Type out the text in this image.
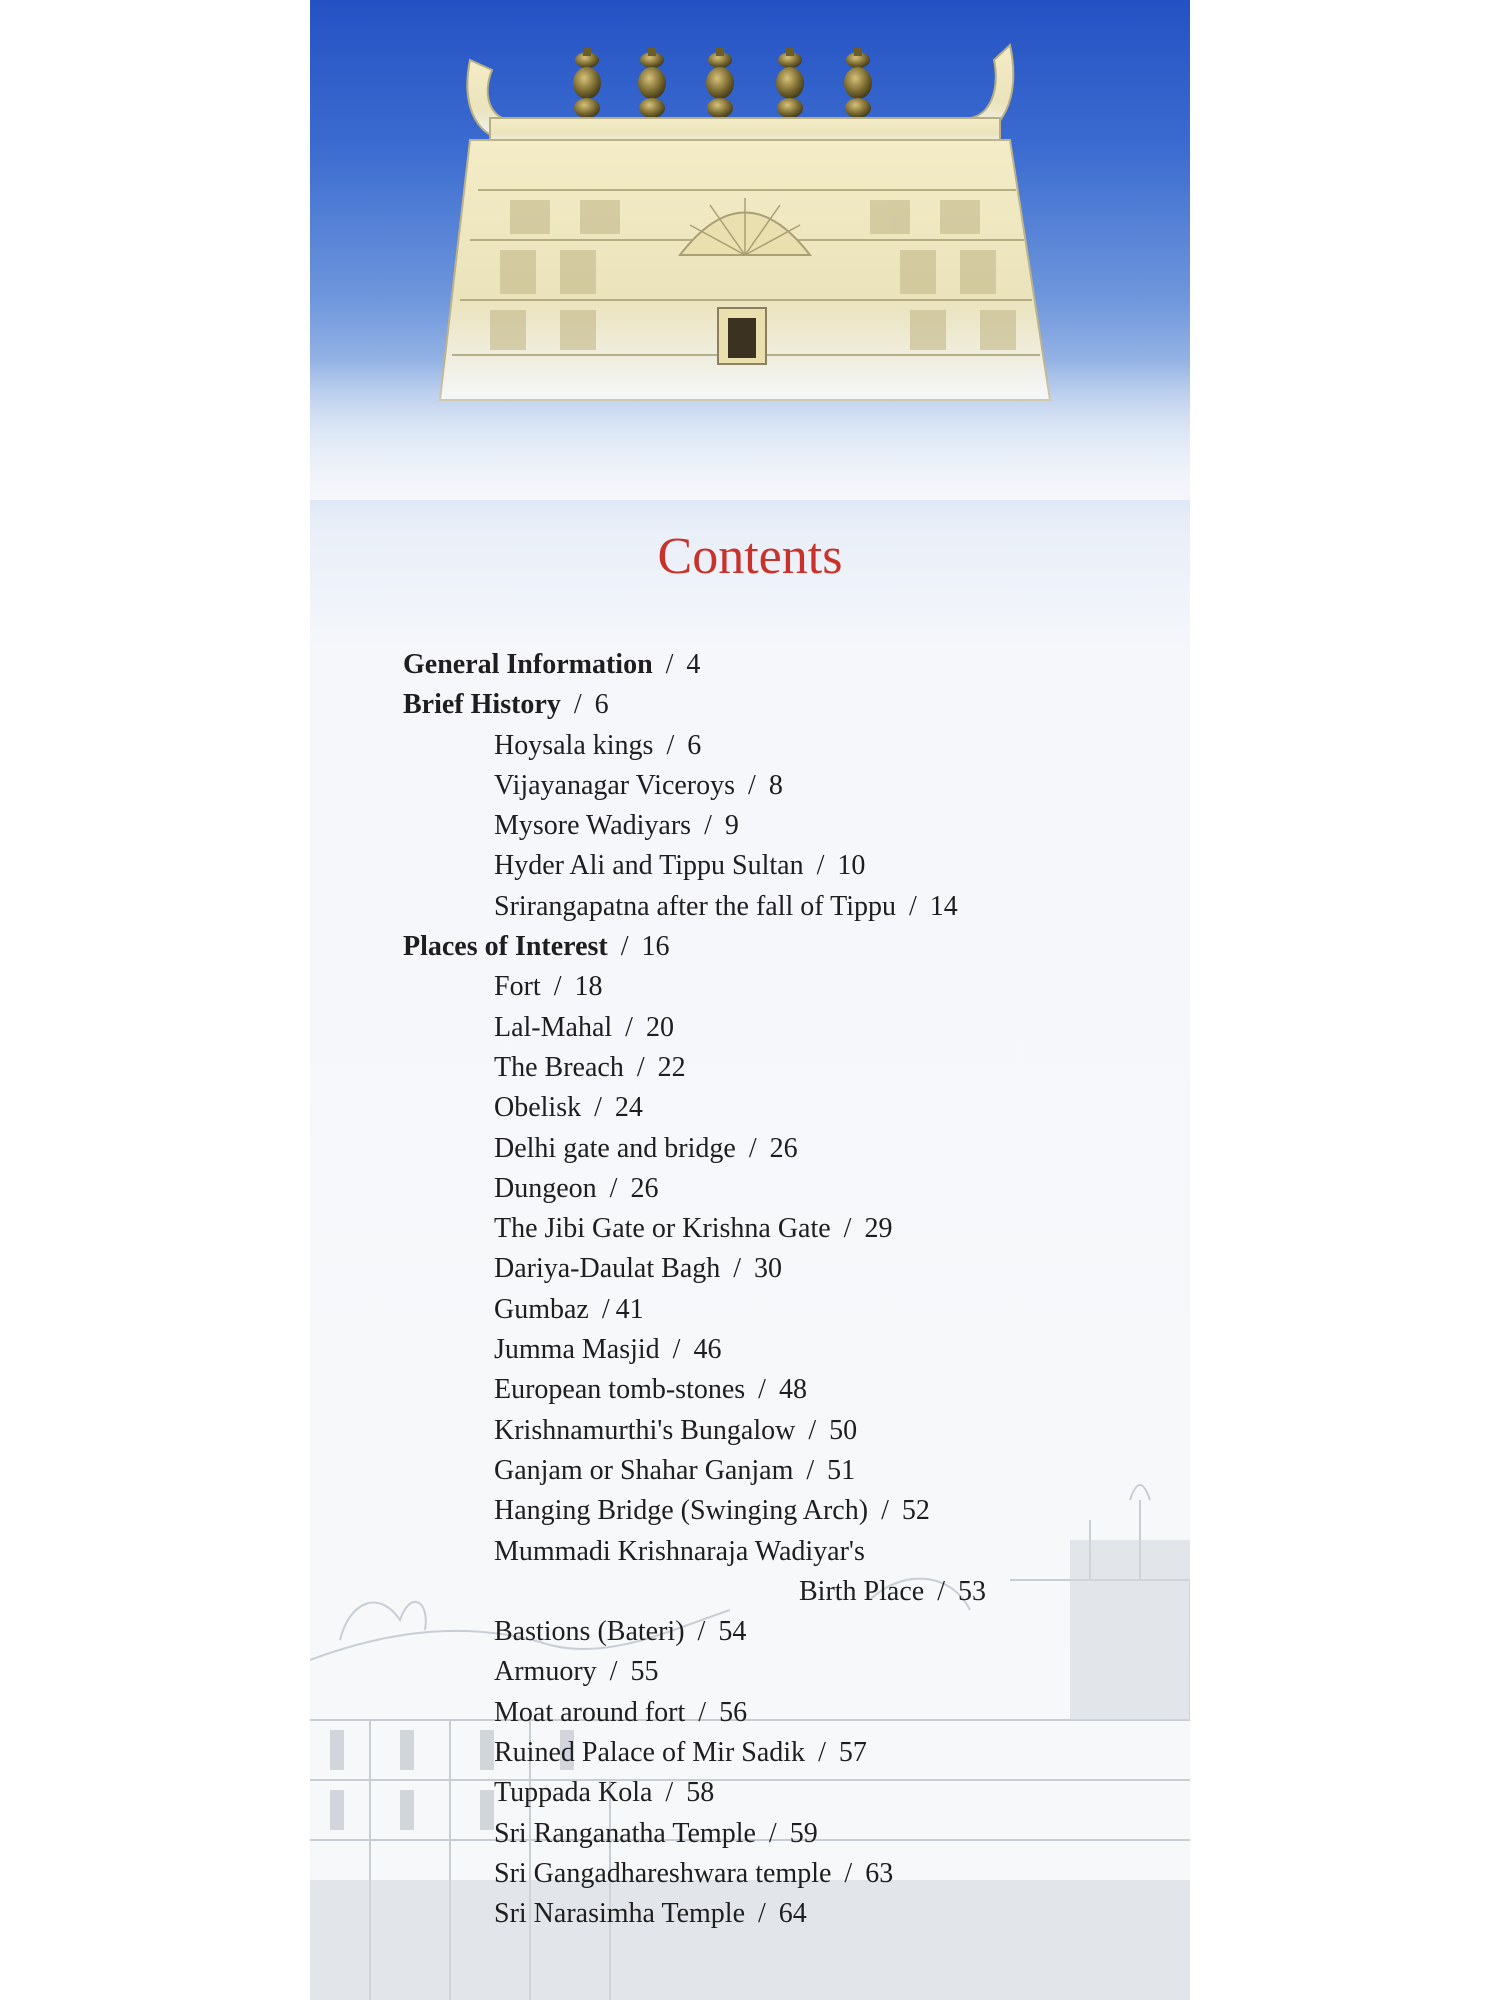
Contents
General Information / 4
Brief History / 6
Hoysala kings / 6
Vijayanagar Viceroys / 8
Mysore Wadiyars / 9
Hyder Ali and Tippu Sultan / 10
Srirangapatna after the fall of Tippu / 14
Places of Interest / 16
Fort / 18
Lal-Mahal / 20
The Breach / 22
Obelisk / 24
Delhi gate and bridge / 26
Dungeon / 26
The Jibi Gate or Krishna Gate / 29
Dariya-Daulat Bagh / 30
Gumbaz / 41
Jumma Masjid / 46
European tomb-stones / 48
Krishnamurthi's Bungalow / 50
Ganjam or Shahar Ganjam / 51
Hanging Bridge (Swinging Arch) / 52
Mummadi Krishnaraja Wadiyar's
Birth Place / 53
Bastions (Bateri) / 54
Armuory / 55
Moat around fort / 56
Ruined Palace of Mir Sadik / 57
Tuppada Kola / 58
Sri Ranganatha Temple / 59
Sri Gangadhareshwara temple / 63
Sri Narasimha Temple / 64
